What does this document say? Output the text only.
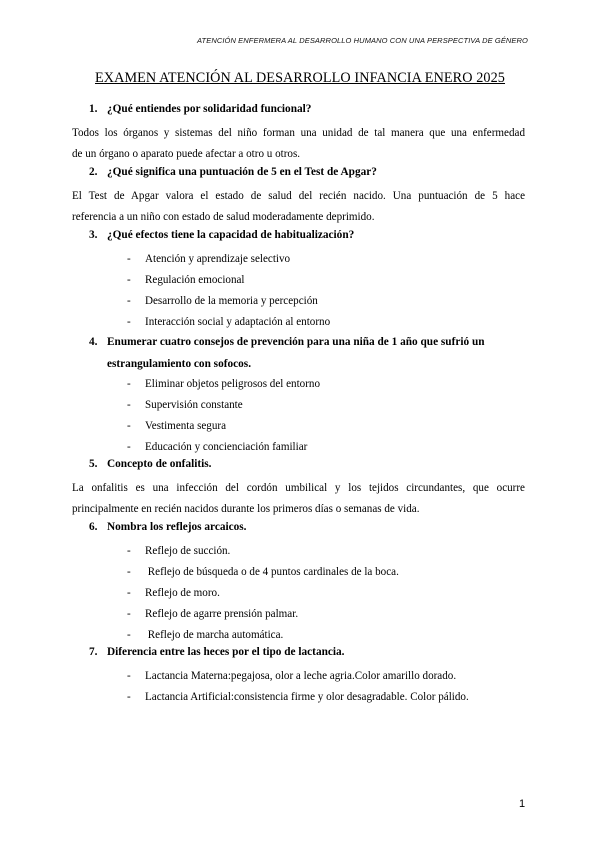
ATENCIÓN ENFERMERA AL DESARROLLO HUMANO CON UNA PERSPECTIVA DE GÉNERO
EXAMEN ATENCIÓN AL DESARROLLO INFANCIA ENERO 2025
1. ¿Qué entiendes por solidaridad funcional?
Todos los órganos y sistemas del niño forman una unidad de tal manera que una enfermedad
de un órgano o aparato puede afectar a otro u otros.
2. ¿Qué significa una puntuación de 5 en el Test de Apgar?
El Test de Apgar valora el estado de salud del recién nacido. Una puntuación de 5 hace
referencia a un niño con estado de salud moderadamente deprimido.
3. ¿Qué efectos tiene la capacidad de habitualización?
- Atención y aprendizaje selectivo
- Regulación emocional
- Desarrollo de la memoria y percepción
- Interacción social y adaptación al entorno
4. Enumerar cuatro consejos de prevención para una niña de 1 año que sufrió un
estrangulamiento con sofocos.
- Eliminar objetos peligrosos del entorno
- Supervisión constante
- Vestimenta segura
- Educación y concienciación familiar
5. Concepto de onfalitis.
La onfalitis es una infección del cordón umbilical y los tejidos circundantes, que ocurre
principalmente en recién nacidos durante los primeros días o semanas de vida.
6. Nombra los reflejos arcaicos.
- Reflejo de succión.
- Reflejo de búsqueda o de 4 puntos cardinales de la boca.
- Reflejo de moro.
- Reflejo de agarre prensión palmar.
- Reflejo de marcha automática.
7. Diferencia entre las heces por el tipo de lactancia.
- Lactancia Materna:pegajosa, olor a leche agria.Color amarillo dorado.
- Lactancia Artificial:consistencia firme y olor desagradable. Color pálido.
1
